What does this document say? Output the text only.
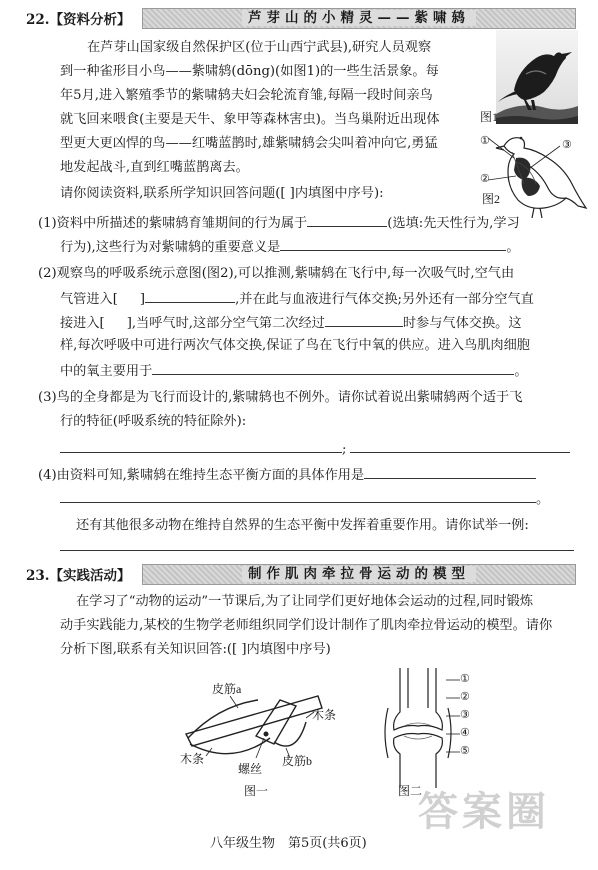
22.【资料分析】	芦芽山的小精灵——紫啸鸫
在芦芽山国家级自然保护区(位于山西宁武县),研究人员观察
到一种雀形目小鸟——紫啸鸫(dōng)(如图1)的一些生活景象。每
年5月,进入繁殖季节的紫啸鸫夫妇会轮流育雏,每隔一段时间亲鸟
就飞回来喂食(主要是天牛、象甲等森林害虫)。当鸟巢附近出现体
型更大更凶悍的鸟——红嘴蓝鹊时,雄紫啸鸫会尖叫着冲向它,勇猛
地发起战斗,直到红嘴蓝鹊离去。
图1
①
②
③
图2
请你阅读资料,联系所学知识回答问题([ ]内填图中序号):
(1)资料中所描述的紫啸鸫育雏期间的行为属于	(选填:先天性行为,学习
行为),这些行为对紫啸鸫的重要意义是	。
(2)观察鸟的呼吸系统示意图(图2),可以推测,紫啸鸫在飞行中,每一次吸气时,空气由
气管进入[ ]	,并在此与血液进行气体交换;另外还有一部分空气直
接进入[ ],当呼气时,这部分空气第二次经过	时参与气体交换。这
样,每次呼吸中可进行两次气体交换,保证了鸟在飞行中氧的供应。进入鸟肌肉细胞
中的氧主要用于	。
(3)鸟的全身都是为飞行而设计的,紫啸鸫也不例外。请你试着说出紫啸鸫两个适于飞
行的特征(呼吸系统的特征除外):
;
(4)由资料可知,紫啸鸫在维持生态平衡方面的具体作用是
。
还有其他很多动物在维持自然界的生态平衡中发挥着重要作用。请你试举一例:
23.【实践活动】	制作肌肉牵拉骨运动的模型
在学习了“动物的运动”一节课后,为了让同学们更好地体会运动的过程,同时锻炼
动手实践能力,某校的生物学老师组织同学们设计制作了肌肉牵拉骨运动的模型。请你
分析下图,联系有关知识回答:([ ]内填图中序号)
皮筋a
木条
木条
螺丝
皮筋b
图一
①
②
③
④
⑤
图二
答案圈
八年级生物　第5页(共6页)
